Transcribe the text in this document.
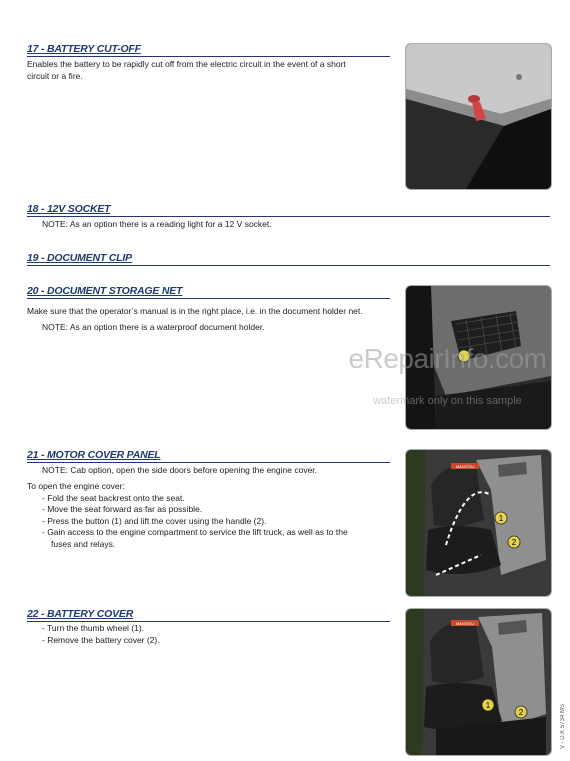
17 - BATTERY CUT-OFF
Enables the battery to be rapidly cut off from the electric circuit in the event of a short
circuit or a fire.
18 - 12V SOCKET
NOTE: As an option there is a reading light for a 12 V socket.
19 - DOCUMENT CLIP
20 - DOCUMENT STORAGE NET
Make sure that the operator’s manual is in the right place, i.e. in the document holder net.
NOTE: As an option there is a waterproof document holder.
eRepairInfo.com
watermark only on this sample
21 - MOTOR COVER PANEL
NOTE: Cab option, open the side doors before opening the engine cover.
To open the engine cover:
- Fold the seat backrest onto the seat.
- Move the seat forward as far as possible.
- Press the button (1) and lift the cover using the handle (2).
- Gain access to the engine compartment to service the lift truck, as well as to the
fuses and relays.
MANITOU
1
2
22 - BATTERY COVER
- Turn the thumb wheel (1).
- Remove the battery cover (2).
MANITOU
1
2	V - D.K 5734 MS
